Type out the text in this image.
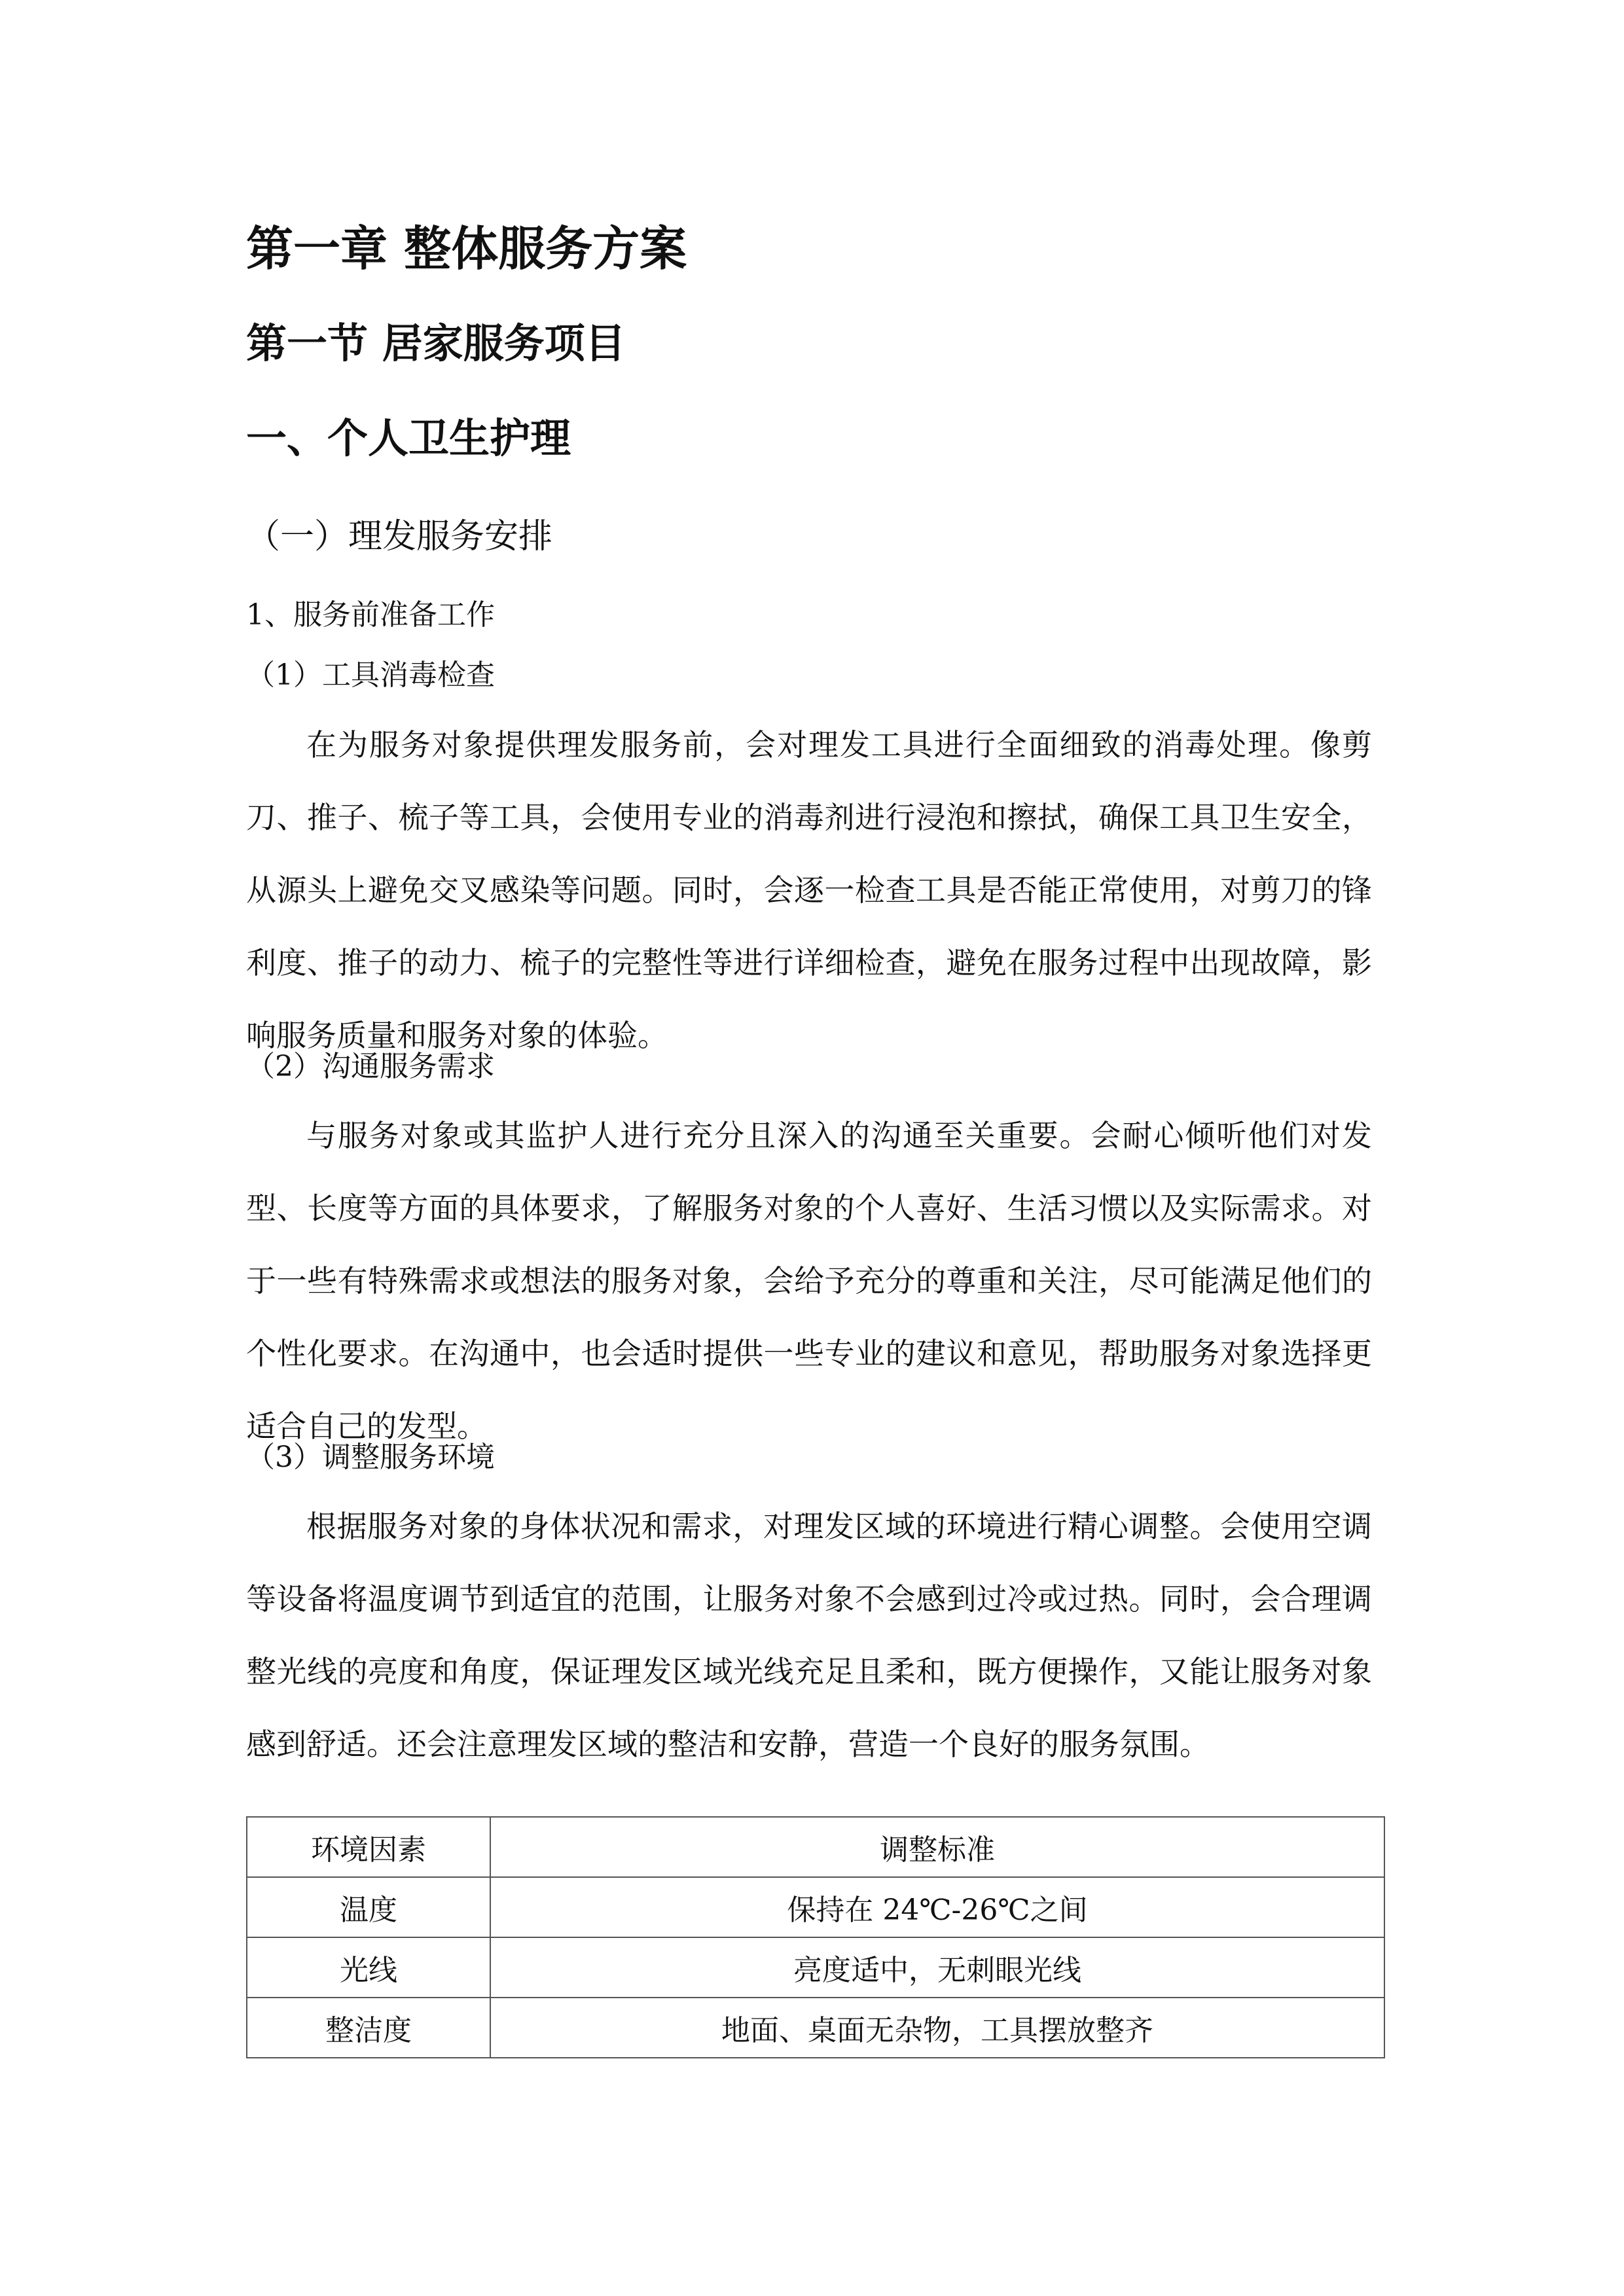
第一章 整体服务方案
第一节 居家服务项目
一、个人卫生护理
（一）理发服务安排
1、服务前准备工作
（1）工具消毒检查

在为服务对象提供理发服务前，会对理发工具进行全面细致的消毒处理。像剪刀、推子、梳子等工具，会使用专业的消毒剂进行浸泡和擦拭，确保工具卫生安全，从源头上避免交叉感染等问题。同时，会逐一检查工具是否能正常使用，对剪刀的锋利度、推子的动力、梳子的完整性等进行详细检查，避免在服务过程中出现故障，影响服务质量和服务对象的体验。

（2）沟通服务需求

与服务对象或其监护人进行充分且深入的沟通至关重要。会耐心倾听他们对发型、长度等方面的具体要求，了解服务对象的个人喜好、生活习惯以及实际需求。对于一些有特殊需求或想法的服务对象，会给予充分的尊重和关注，尽可能满足他们的个性化要求。在沟通中，也会适时提供一些专业的建议和意见，帮助服务对象选择更适合自己的发型。

（3）调整服务环境

根据服务对象的身体状况和需求，对理发区域的环境进行精心调整。会使用空调等设备将温度调节到适宜的范围，让服务对象不会感到过冷或过热。同时，会合理调整光线的亮度和角度，保证理发区域光线充足且柔和，既方便操作，又能让服务对象感到舒适。还会注意理发区域的整洁和安静，营造一个良好的服务氛围。

环境因素	调整标准
温度	保持在 24℃-26℃之间
光线	亮度适中，无刺眼光线
整洁度	地面、桌面无杂物，工具摆放整齐
